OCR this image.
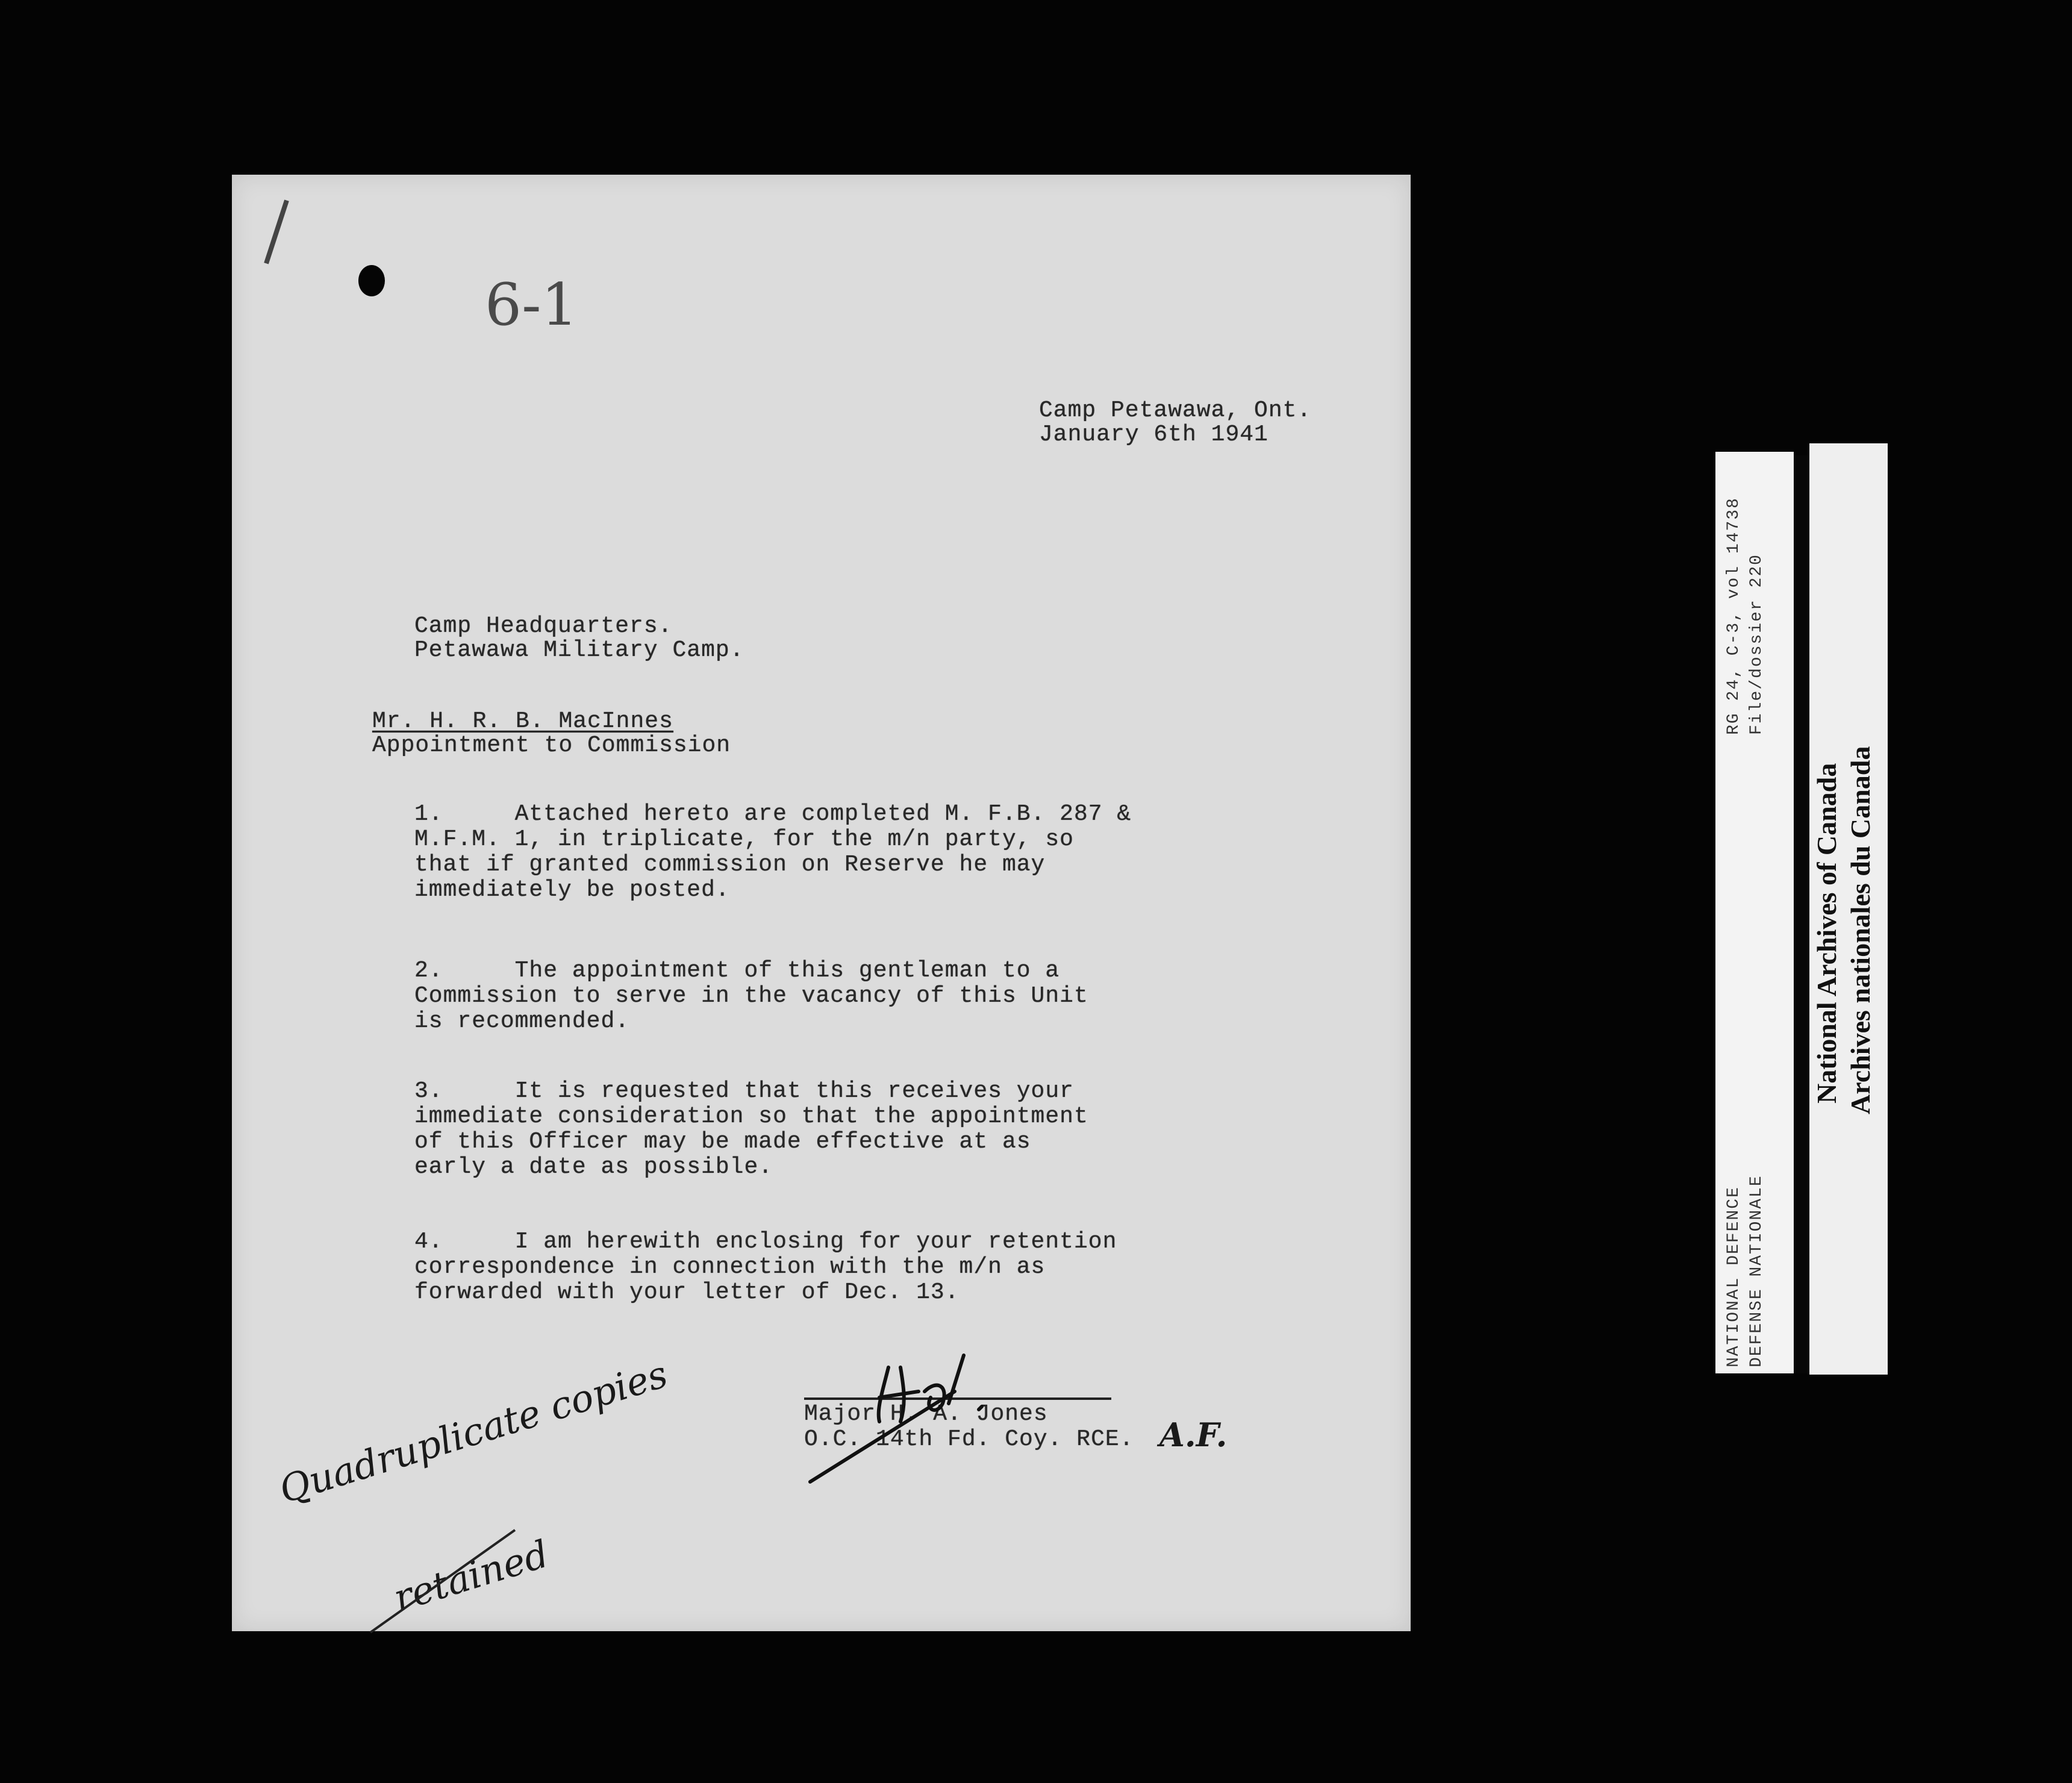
6-1
Camp Petawawa, Ont.
January 6th 1941
Camp Headquarters.
Petawawa Military Camp.
Mr. H. R. B. MacInnes
Appointment to Commission
1.     Attached hereto are completed M. F.B. 287 &
M.F.M. 1, in triplicate, for the m/n party, so
that if granted commission on Reserve he may
immediately be posted.
2.     The appointment of this gentleman to a
Commission to serve in the vacancy of this Unit
is recommended.
3.     It is requested that this receives your
immediate consideration so that the appointment
of this Officer may be made effective at as
early a date as possible.
4.     I am herewith enclosing for your retention
correspondence in connection with the m/n as
forwarded with your letter of Dec. 13.
Major H. A. Jones
O.C. 14th Fd. Coy. RCE. A.F.
Quadruplicate copies
retained
RG 24, C-3, vol 14738 File/dossier 220
NATIONAL DEFENCE DEFENSE NATIONALE
National Archives of Canada Archives nationales du Canada
